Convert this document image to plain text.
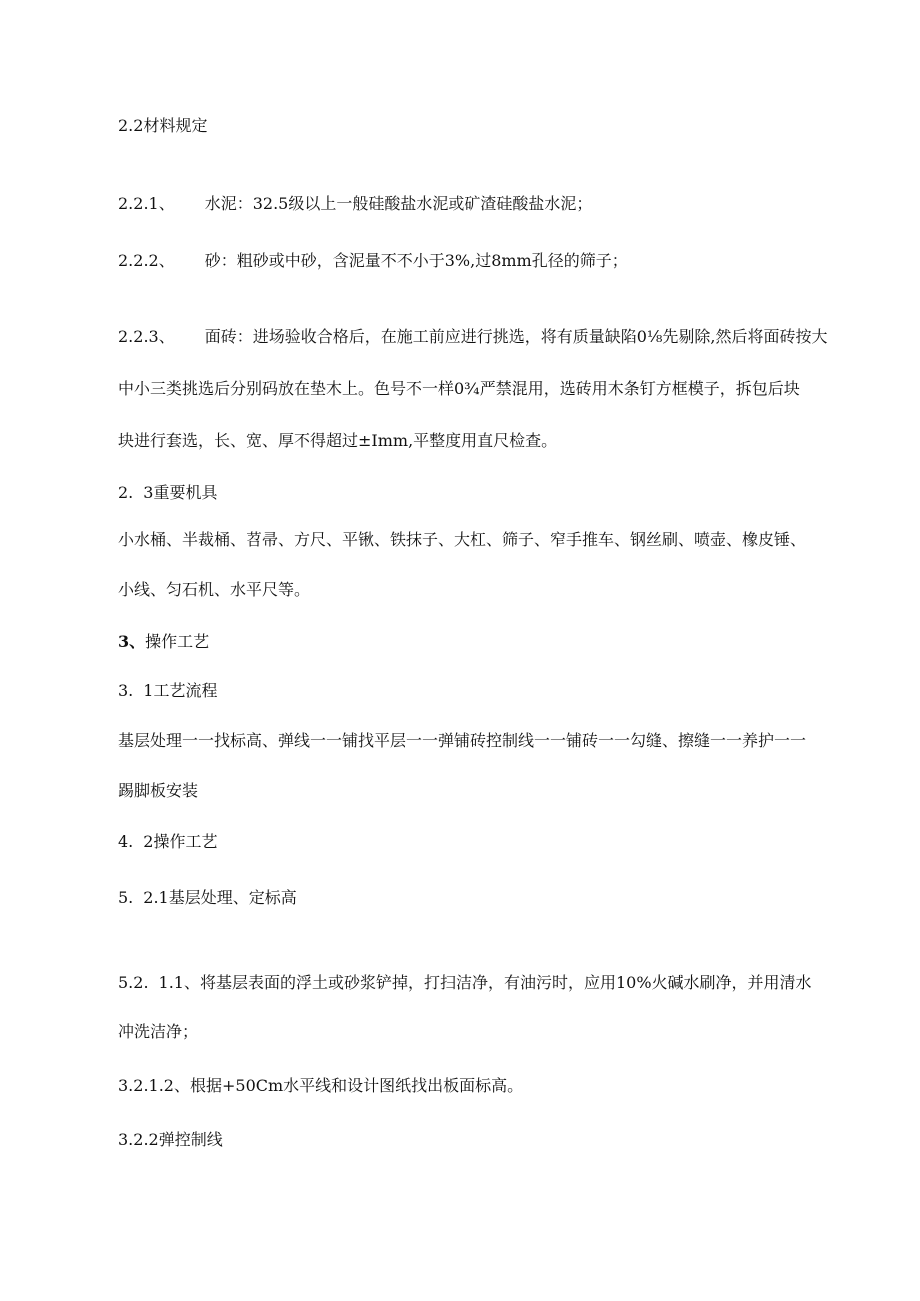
2.2材料规定
2.2.1、 水泥：32.5级以上一般硅酸盐水泥或矿渣硅酸盐水泥；
2.2.2、 砂：粗砂或中砂，含泥量不不小于3%,过8mm孔径的筛子；
2.2.3、 面砖：进场验收合格后，在施工前应进行挑选，将有质量缺陷0⅛先剔除,然后将面砖按大
中小三类挑选后分别码放在垫木上。色号不一样0¾严禁混用，选砖用木条钉方框模子，拆包后块
块进行套选，长、宽、厚不得超过±Imm,平整度用直尺检查。
2. 3重要机具
小水桶、半裁桶、苕帚、方尺、平锹、铁抹子、大杠、筛子、窄手推车、钢丝刷、喷壶、橡皮锤、
小线、匀石机、水平尺等。
3、操作工艺
3. 1工艺流程
基层处理一一找标高、弹线一一铺找平层一一弹铺砖控制线一一铺砖一一勾缝、擦缝一一养护一一
踢脚板安装
4. 2操作工艺
5. 2.1基层处理、定标高
5.2. 1.1、将基层表面的浮土或砂浆铲掉，打扫洁净，有油污时，应用10%火碱水刷净，并用清水
冲洗洁净；
3.2.1.2、根据+50Cm水平线和设计图纸找出板面标高。
3.2.2弹控制线
